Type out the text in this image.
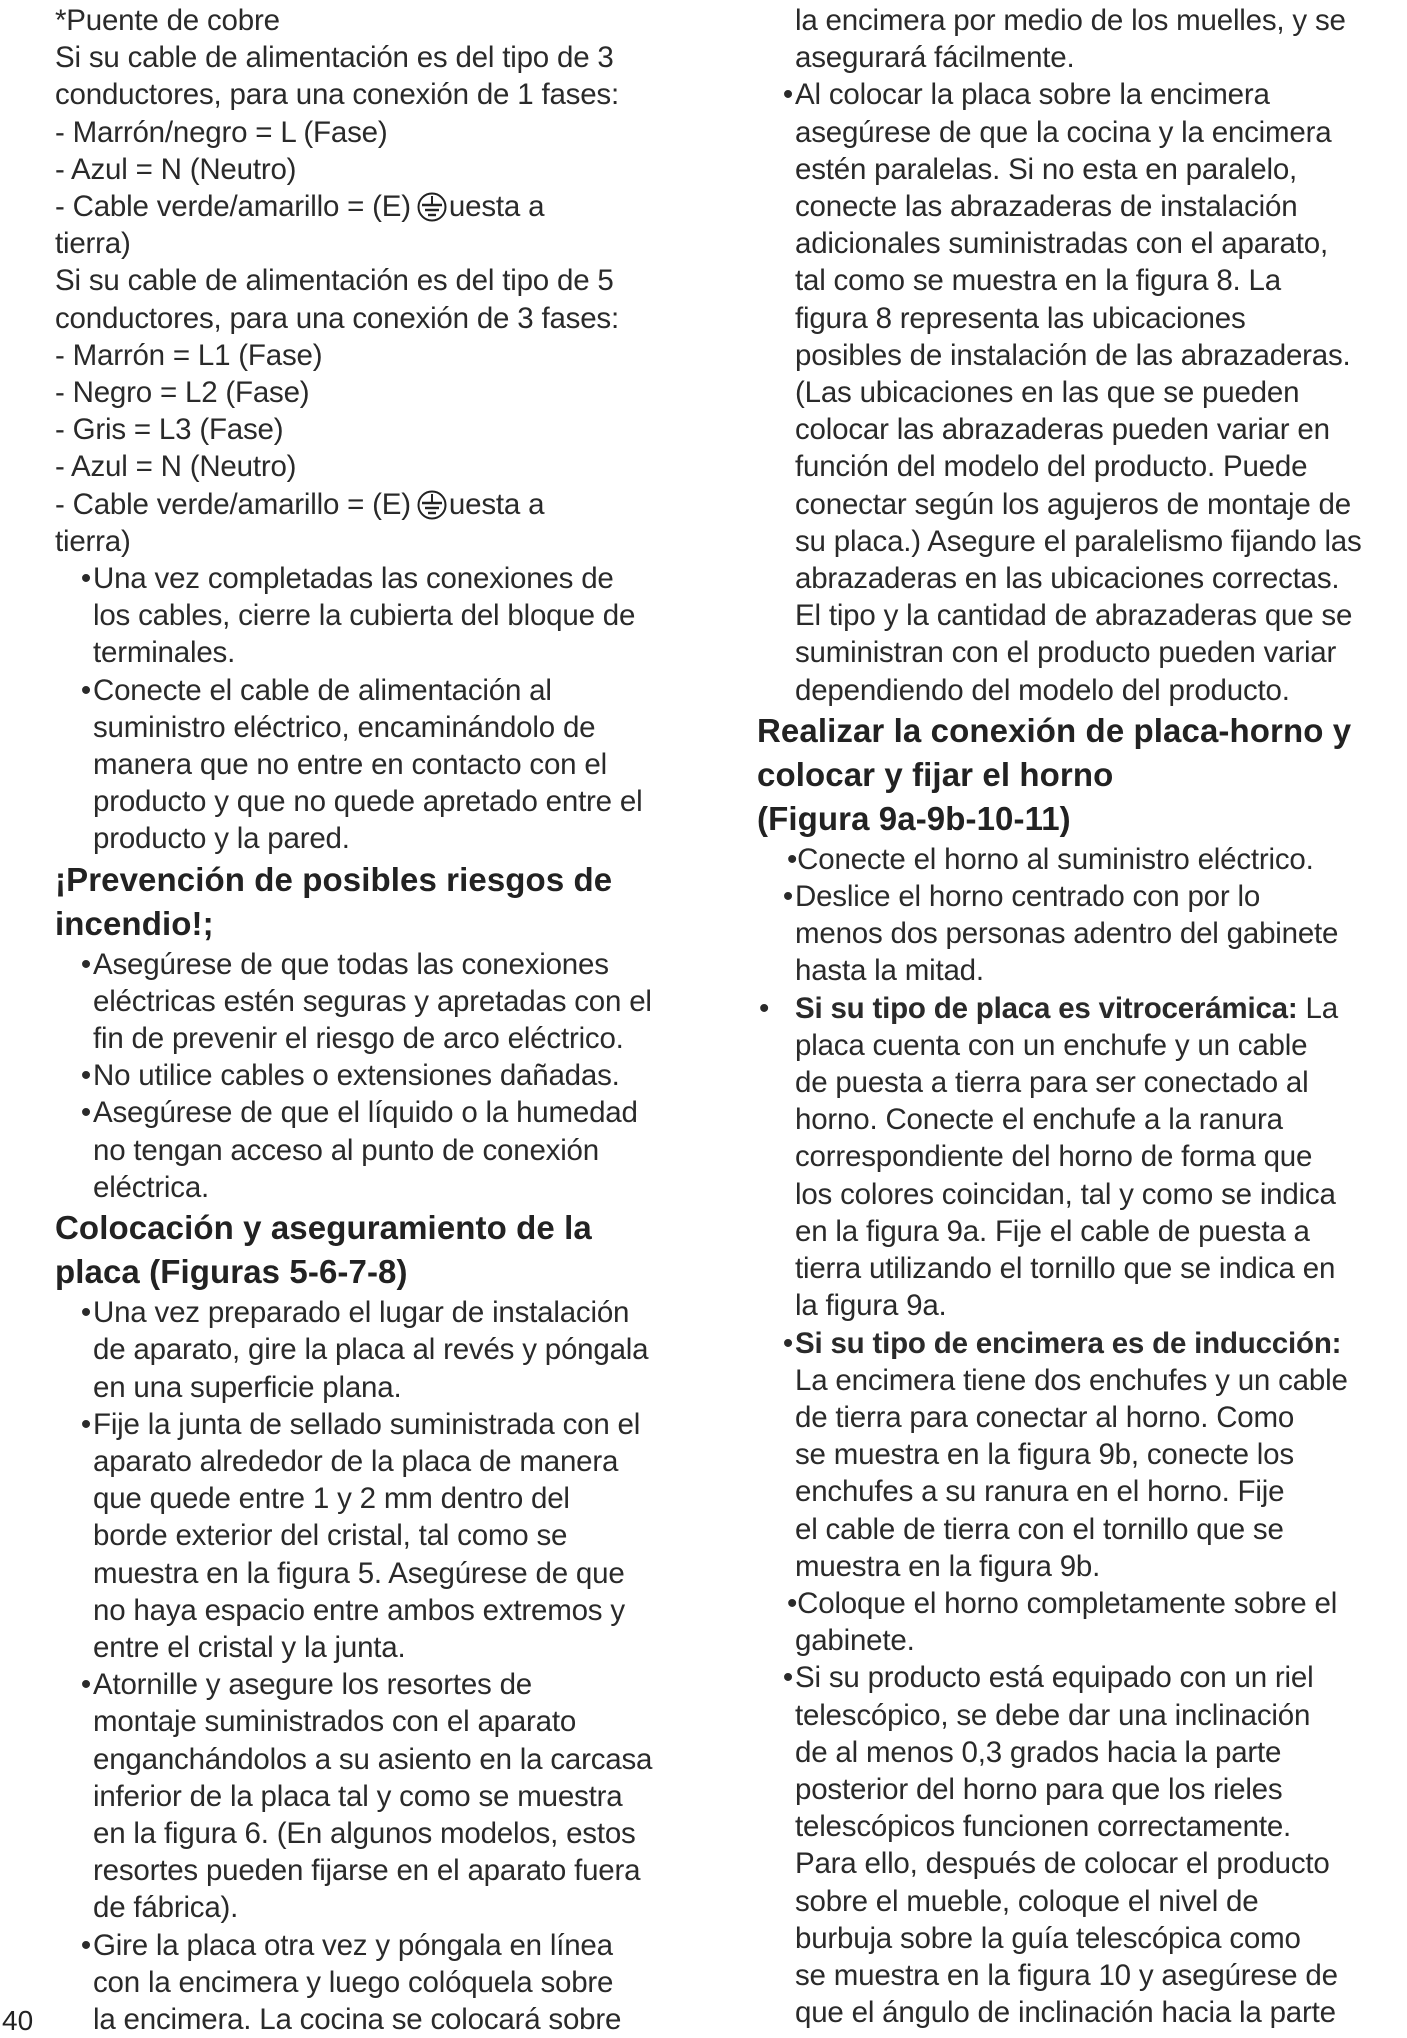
*Puente de cobre
Si su cable de alimentación es del tipo de 3
conductores, para una conexión de 1 fases:
- Marrón/negro = L (Fase)
- Azul = N (Neutro)
- Cable verde/amarillo = (E) uesta a
tierra)
Si su cable de alimentación es del tipo de 5
conductores, para una conexión de 3 fases:
- Marrón = L1 (Fase)
- Negro = L2 (Fase)
- Gris = L3 (Fase)
- Azul = N (Neutro)
- Cable verde/amarillo = (E) uesta a
tierra)
•Una vez completadas las conexiones de
los cables, cierre la cubierta del bloque de
terminales.
•Conecte el cable de alimentación al
suministro eléctrico, encaminándolo de
manera que no entre en contacto con el
producto y que no quede apretado entre el
producto y la pared.
¡Prevención de posibles riesgos de
incendio!;
•Asegúrese de que todas las conexiones
eléctricas estén seguras y apretadas con el
fin de prevenir el riesgo de arco eléctrico.
•No utilice cables o extensiones dañadas.
•Asegúrese de que el líquido o la humedad
no tengan acceso al punto de conexión
eléctrica.
Colocación y aseguramiento de la
placa (Figuras 5-6-7-8)
•Una vez preparado el lugar de instalación
de aparato, gire la placa al revés y póngala
en una superficie plana.
•Fije la junta de sellado suministrada con el
aparato alrededor de la placa de manera
que quede entre 1 y 2 mm dentro del
borde exterior del cristal, tal como se
muestra en la figura 5. Asegúrese de que
no haya espacio entre ambos extremos y
entre el cristal y la junta.
•Atornille y asegure los resortes de
montaje suministrados con el aparato
enganchándolos a su asiento en la carcasa
inferior de la placa tal y como se muestra
en la figura 6. (En algunos modelos, estos
resortes pueden fijarse en el aparato fuera
de fábrica).
•Gire la placa otra vez y póngala en línea
con la encimera y luego colóquela sobre
la encimera. La cocina se colocará sobre
la encimera por medio de los muelles, y se
asegurará fácilmente.
•Al colocar la placa sobre la encimera
asegúrese de que la cocina y la encimera
estén paralelas. Si no esta en paralelo,
conecte las abrazaderas de instalación
adicionales suministradas con el aparato,
tal como se muestra en la figura 8. La
figura 8 representa las ubicaciones
posibles de instalación de las abrazaderas.
(Las ubicaciones en las que se pueden
colocar las abrazaderas pueden variar en
función del modelo del producto. Puede
conectar según los agujeros de montaje de
su placa.) Asegure el paralelismo fijando las
abrazaderas en las ubicaciones correctas.
El tipo y la cantidad de abrazaderas que se
suministran con el producto pueden variar
dependiendo del modelo del producto.
Realizar la conexión de placa-horno y
colocar y fijar el horno
(Figura 9a-9b-10-11)
•Conecte el horno al suministro eléctrico.
•Deslice el horno centrado con por lo
menos dos personas adentro del gabinete
hasta la mitad.
• Si su tipo de placa es vitrocerámica: La
placa cuenta con un enchufe y un cable
de puesta a tierra para ser conectado al
horno. Conecte el enchufe a la ranura
correspondiente del horno de forma que
los colores coincidan, tal y como se indica
en la figura 9a. Fije el cable de puesta a
tierra utilizando el tornillo que se indica en
la figura 9a.
•Si su tipo de encimera es de inducción:
La encimera tiene dos enchufes y un cable
de tierra para conectar al horno. Como
se muestra en la figura 9b, conecte los
enchufes a su ranura en el horno. Fije
el cable de tierra con el tornillo que se
muestra en la figura 9b.
•Coloque el horno completamente sobre el
gabinete.
•Si su producto está equipado con un riel
telescópico, se debe dar una inclinación
de al menos 0,3 grados hacia la parte
posterior del horno para que los rieles
telescópicos funcionen correctamente.
Para ello, después de colocar el producto
sobre el mueble, coloque el nivel de
burbuja sobre la guía telescópica como
se muestra en la figura 10 y asegúrese de
que el ángulo de inclinación hacia la parte
40
